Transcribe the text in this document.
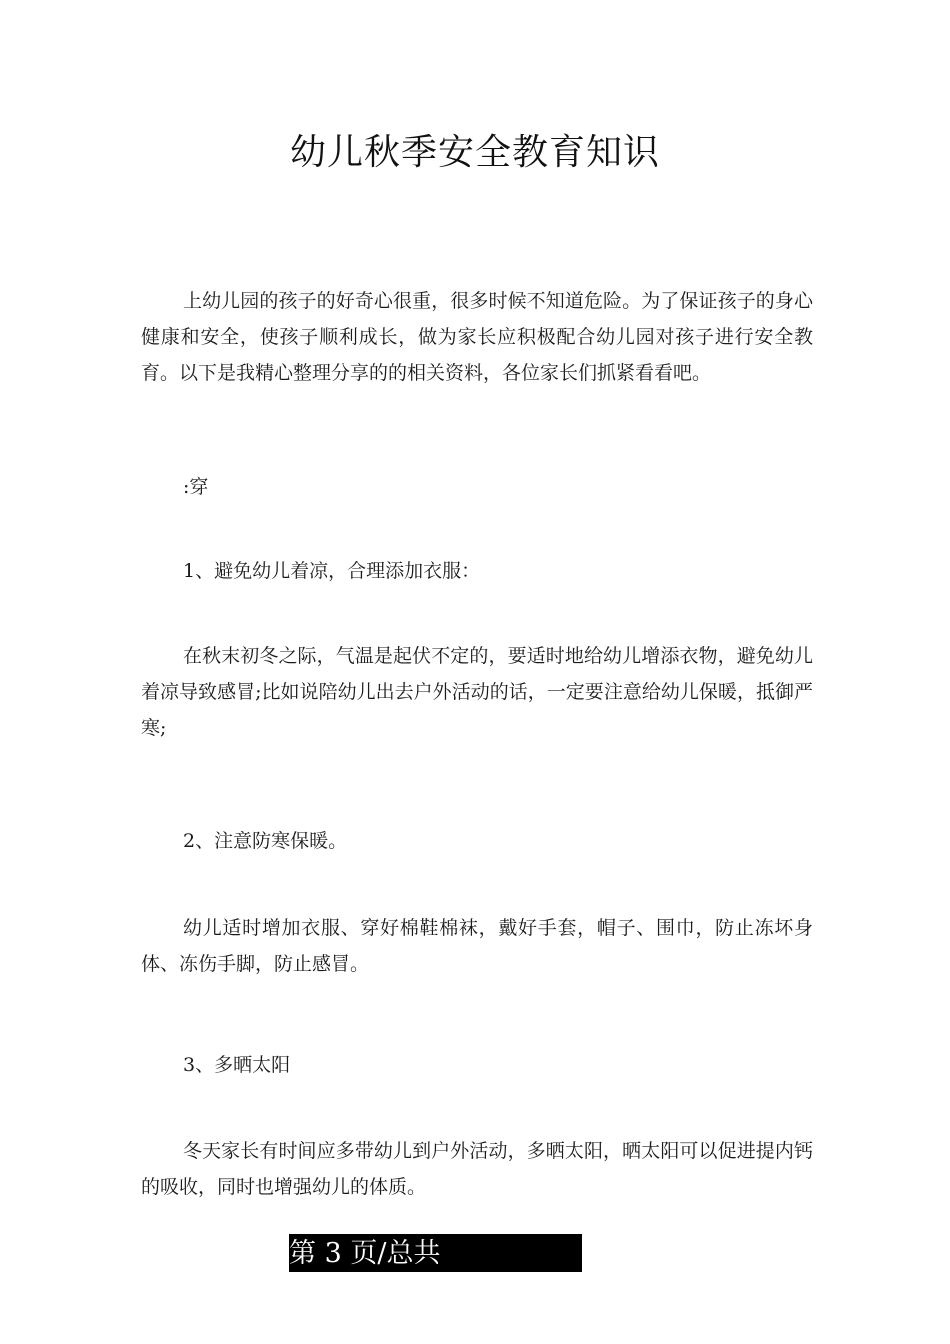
幼儿秋季安全教育知识

上幼儿园的孩子的好奇心很重，很多时候不知道危险。为了保证孩子的身心健康和安全，使孩子顺利成长，做为家长应积极配合幼儿园对孩子进行安全教育。以下是我精心整理分享的的相关资料，各位家长们抓紧看看吧。

:穿

1、避免幼儿着凉，合理添加衣服：

在秋末初冬之际，气温是起伏不定的，要适时地给幼儿增添衣物，避免幼儿着凉导致感冒;比如说陪幼儿出去户外活动的话，一定要注意给幼儿保暖，抵御严寒;

2、注意防寒保暖。

幼儿适时增加衣服、穿好棉鞋棉袜，戴好手套，帽子、围巾，防止冻坏身体、冻伤手脚，防止感冒。

3、多晒太阳

冬天家长有时间应多带幼儿到户外活动，多晒太阳，晒太阳可以促进提内钙的吸收，同时也增强幼儿的体质。

第 3 页/总共
